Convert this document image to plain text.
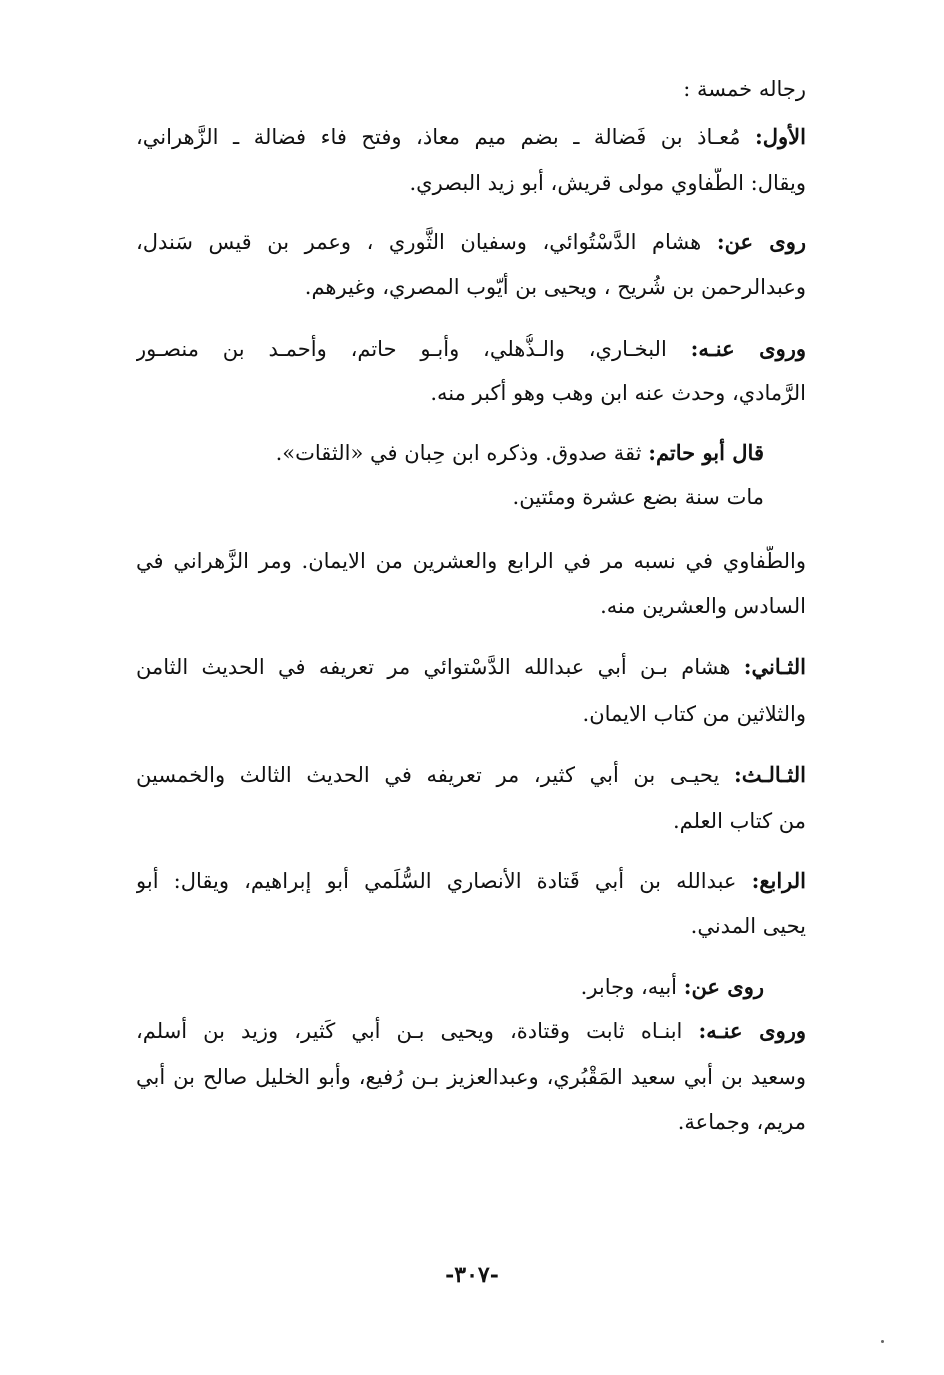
رجاله خمسة :
الأول: مُعـاذ بن فَضالة ـ بضم ميم معاذ، وفتح فاء فضالة ـ الزَّهراني،
ويقال: الطُّفاوي مولى قريش، أبو زيد البصري.
روى عن: هشام الدَّسْتُوائي، وسفيان الثَّوري ، وعمر بن قيس سَندل،
وعبدالرحمن بن شُريح ، ويحيى بن أيّوب المصري، وغيرهم.
وروى عنـه: البخـاري، والـذُّهلي، وأبـو حاتم، وأحمـد بن منصـور
الرَّمادي، وحدث عنه ابن وهب وهو أكبر منه.
قال أبو حاتم: ثقة صدوق. وذكره ابن حِبان في «الثقات».
مات سنة بضع عشرة ومئتين.
والطُّفاوي في نسبه مر في الرابع والعشرين من الايمان. ومر الزَّهراني في
السادس والعشرين منه.
الثـاني: هشام بـن أبي عبدالله الدَّسْتوائي مر تعريفه في الحديث الثامن
والثلاثين من كتاب الايمان.
الثـالـث: يحيـى بن أبي كثير، مر تعريفه في الحديث الثالث والخمسين
من كتاب العلم.
الرابع: عبدالله بن أبي قَتادة الأنصاري السُّلَمي أبو إبراهيم، ويقال: أبو
يحيى المدني.
روى عن: أبيه، وجابر.
وروى عنـه: ابنـاه ثابت وقتادة، ويحيى بـن أبي كَثير، وزيد بن أسلم،
وسعيد بن أبي سعيد المَقْبُري، وعبدالعزيز بـن رُفيع، وأبو الخليل صالح بن أبي
مريم، وجماعة.
-٣٠٧-
